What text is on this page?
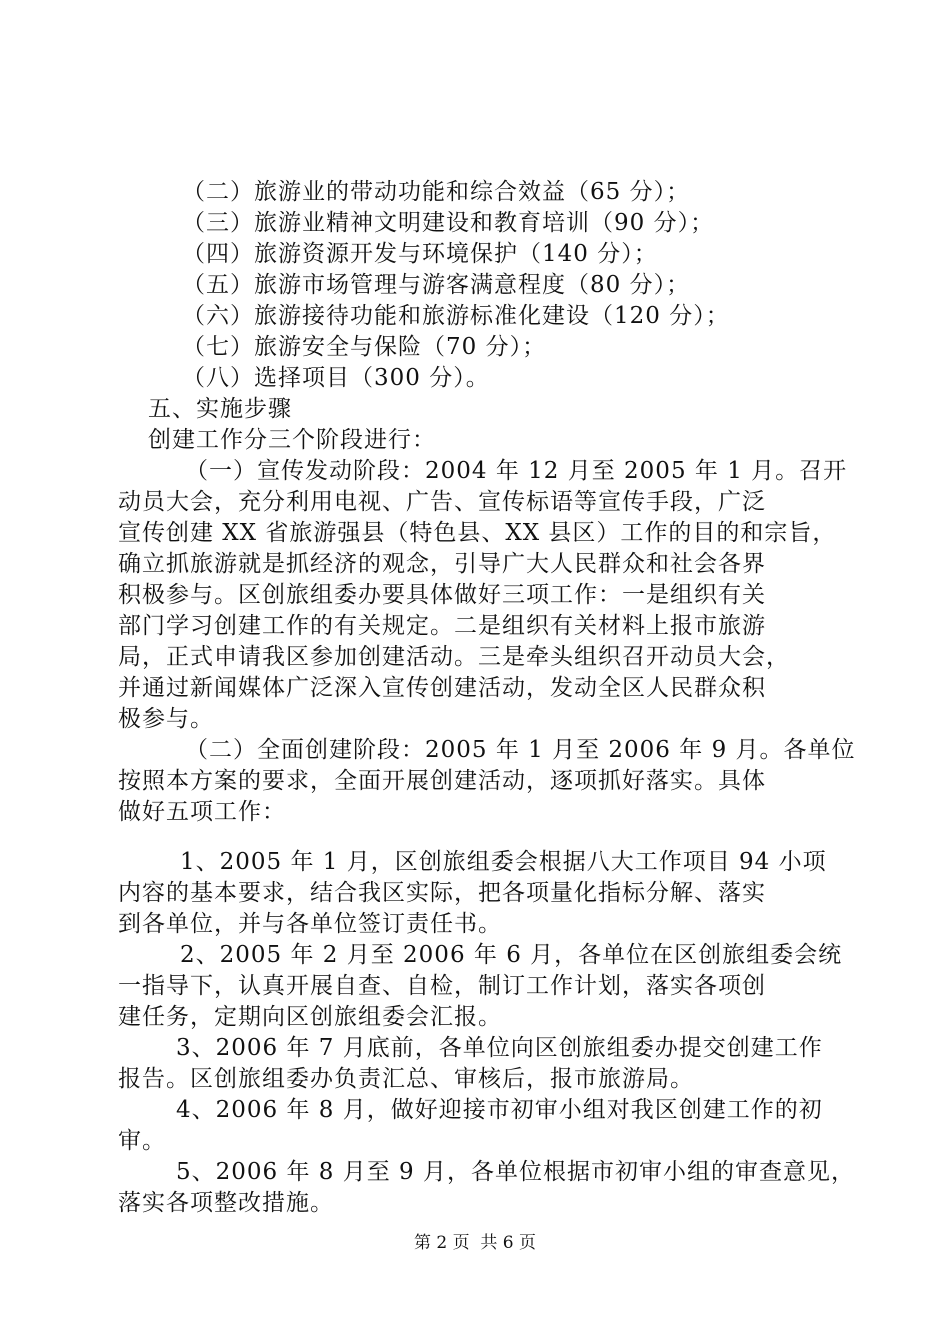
（二）旅游业的带动功能和综合效益（65 分）；
（三）旅游业精神文明建设和教育培训（90 分）；
（四）旅游资源开发与环境保护（140 分）；
（五）旅游市场管理与游客满意程度（80 分）；
（六）旅游接待功能和旅游标准化建设（120 分）；
（七）旅游安全与保险（70 分）；
（八）选择项目（300 分）。
五、实施步骤
创建工作分三个阶段进行：
（一）宣传发动阶段：2004 年 12 月至 2005 年 1 月。召开
动员大会，充分利用电视、广告、宣传标语等宣传手段，广泛
宣传创建 XX 省旅游强县（特色县、XX 县区）工作的目的和宗旨，
确立抓旅游就是抓经济的观念，引导广大人民群众和社会各界
积极参与。区创旅组委办要具体做好三项工作：一是组织有关
部门学习创建工作的有关规定。二是组织有关材料上报市旅游
局，正式申请我区参加创建活动。三是牵头组织召开动员大会，
并通过新闻媒体广泛深入宣传创建活动，发动全区人民群众积
极参与。
（二）全面创建阶段：2005 年 1 月至 2006 年 9 月。各单位
按照本方案的要求，全面开展创建活动，逐项抓好落实。具体
做好五项工作：
1、2005 年 1 月，区创旅组委会根据八大工作项目 94 小项
内容的基本要求，结合我区实际，把各项量化指标分解、落实
到各单位，并与各单位签订责任书。
2、2005 年 2 月至 2006 年 6 月，各单位在区创旅组委会统
一指导下，认真开展自查、自检，制订工作计划，落实各项创
建任务，定期向区创旅组委会汇报。
3、2006 年 7 月底前，各单位向区创旅组委办提交创建工作
报告。区创旅组委办负责汇总、审核后，报市旅游局。
4、2006 年 8 月，做好迎接市初审小组对我区创建工作的初
审。
5、2006 年 8 月至 9 月，各单位根据市初审小组的审查意见，
落实各项整改措施。
第 2 页  共 6 页
